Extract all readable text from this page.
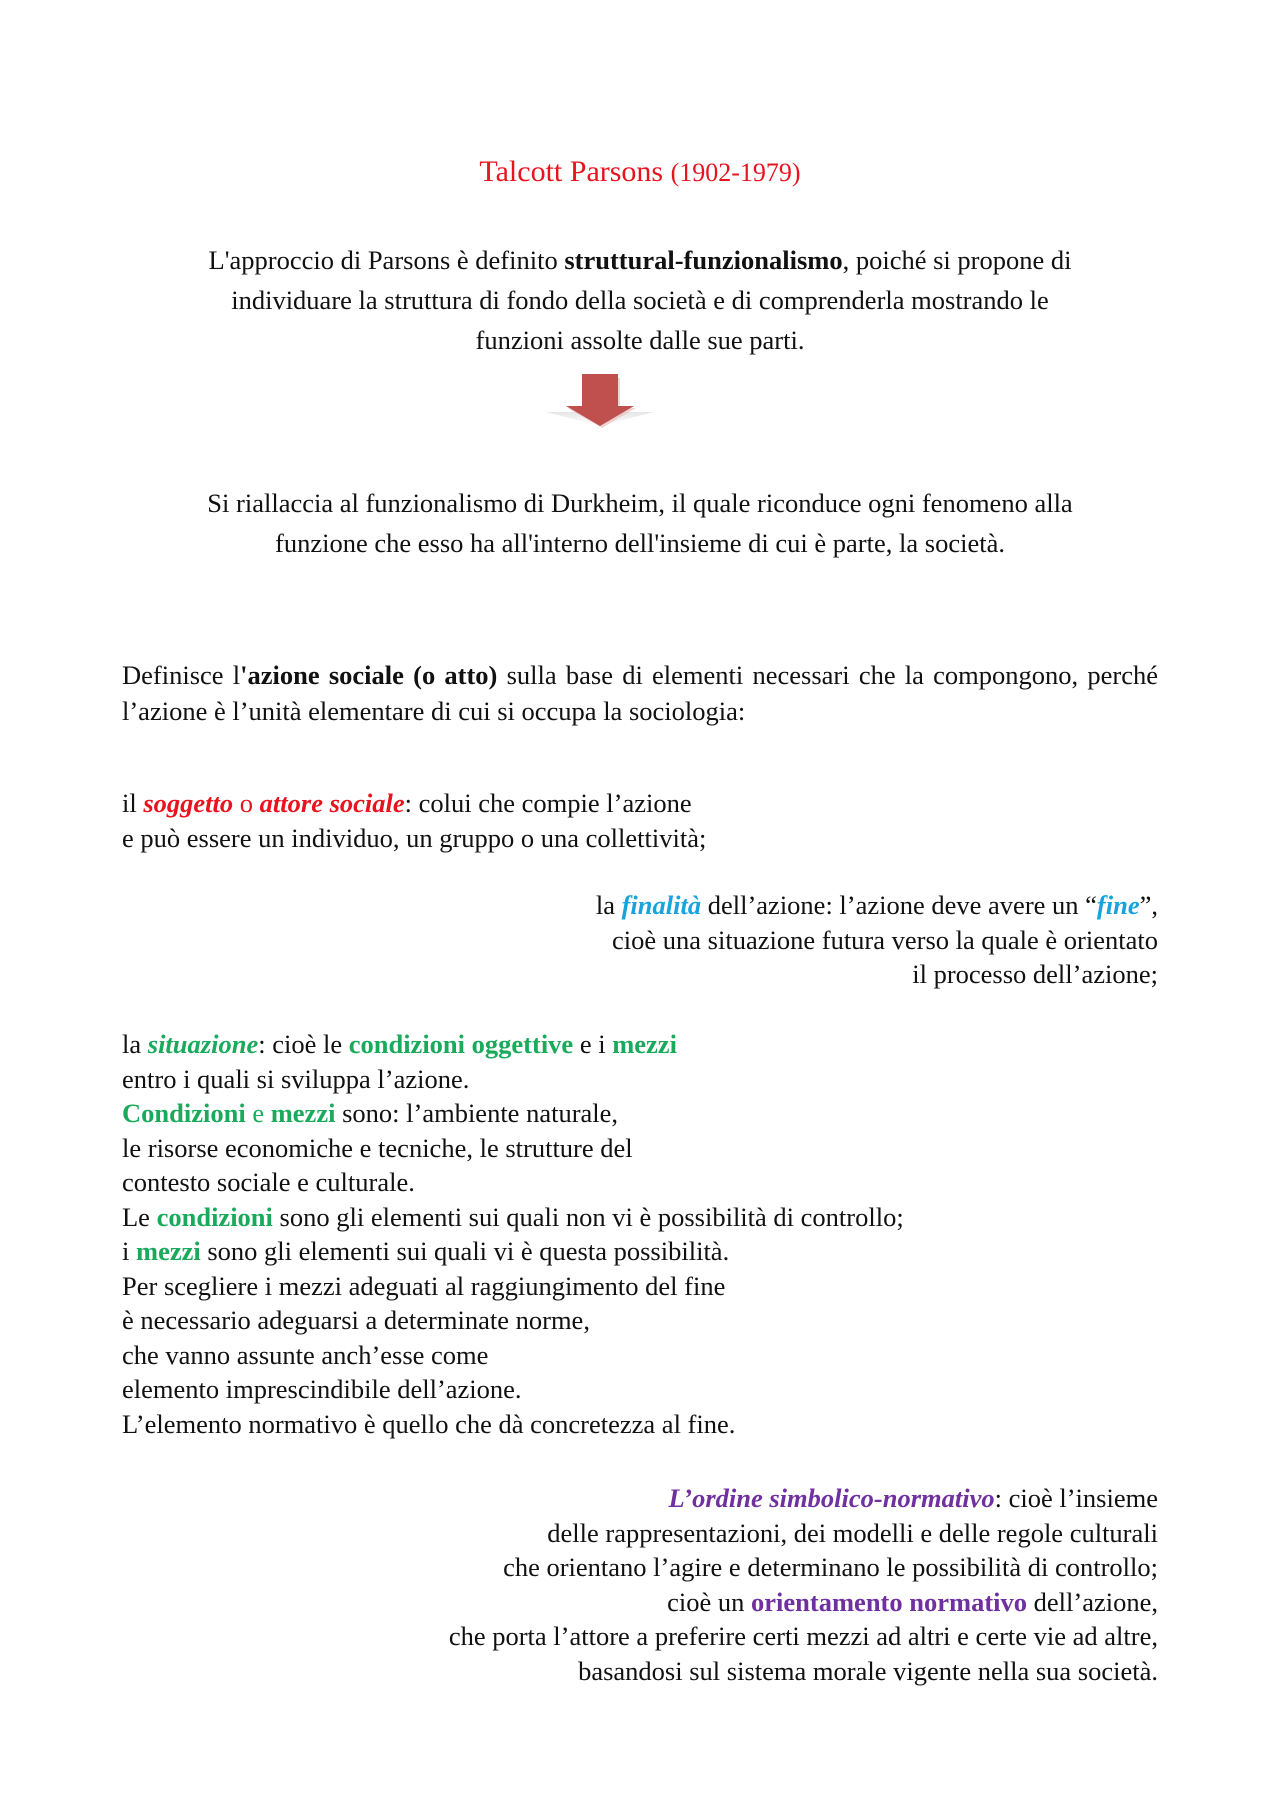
Talcott Parsons (1902-1979)
L'approccio di Parsons è definito struttural-funzionalismo, poiché si propone di
individuare la struttura di fondo della società e di comprenderla mostrando le
funzioni assolte dalle sue parti.
Si riallaccia al funzionalismo di Durkheim, il quale riconduce ogni fenomeno alla
funzione che esso ha all'interno dell'insieme di cui è parte, la società.
Definisce l'azione sociale (o atto) sulla base di elementi necessari che la compongono, perché l’azione è l’unità elementare di cui si occupa la sociologia:
il soggetto o attore sociale: colui che compie l’azione
e può essere un individuo, un gruppo o una collettività;
la finalità dell’azione: l’azione deve avere un “fine”,
cioè una situazione futura verso la quale è orientato
il processo dell’azione;
la situazione: cioè le condizioni oggettive e i mezzi
entro i quali si sviluppa l’azione.
Condizioni e mezzi sono: l’ambiente naturale,
le risorse economiche e tecniche, le strutture del
contesto sociale e culturale.
Le condizioni sono gli elementi sui quali non vi è possibilità di controllo;
i mezzi sono gli elementi sui quali vi è questa possibilità.
Per scegliere i mezzi adeguati al raggiungimento del fine
è necessario adeguarsi a determinate norme,
che vanno assunte anch’esse come
elemento imprescindibile dell’azione.
L’elemento normativo è quello che dà concretezza al fine.
L’ordine simbolico-normativo: cioè l’insieme
delle rappresentazioni, dei modelli e delle regole culturali
che orientano l’agire e determinano le possibilità di controllo;
cioè un orientamento normativo dell’azione,
che porta l’attore a preferire certi mezzi ad altri e certe vie ad altre,
basandosi sul sistema morale vigente nella sua società.
